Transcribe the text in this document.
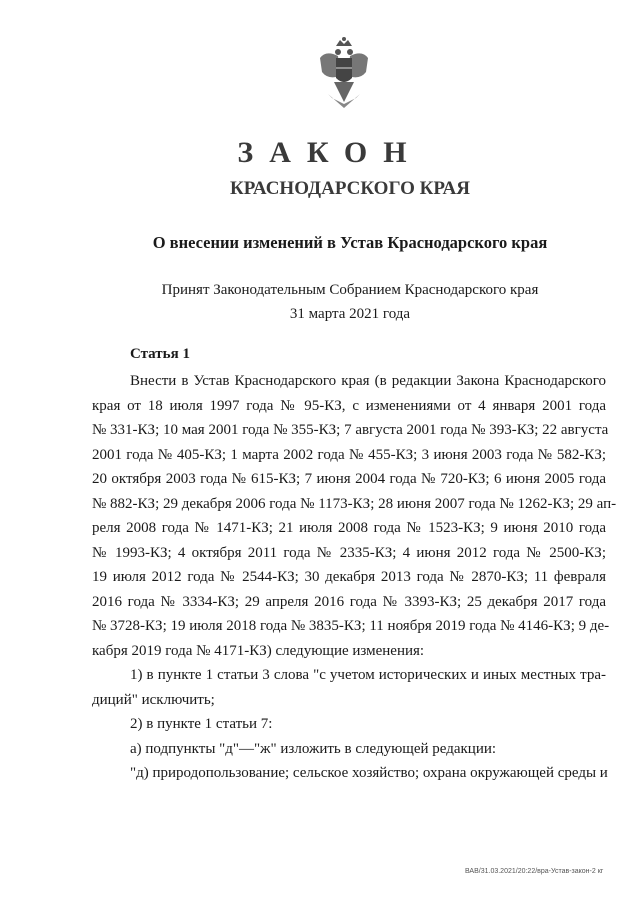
ЗАКОН
КРАСНОДАРСКОГО КРАЯ
О внесении изменений в Устав Краснодарского края
Принят Законодательным Собранием Краснодарского края
31 марта 2021 года
Статья 1
Внести в Устав Краснодарского края (в редакции Закона Краснодарского
края от 18 июля 1997 года № 95-КЗ, с изменениями от 4 января 2001 года
№ 331-КЗ; 10 мая 2001 года № 355-КЗ; 7 августа 2001 года № 393-КЗ; 22 августа
2001 года № 405-КЗ; 1 марта 2002 года № 455-КЗ; 3 июня 2003 года № 582-КЗ;
20 октября 2003 года № 615-КЗ; 7 июня 2004 года № 720-КЗ; 6 июня 2005 года
№ 882-КЗ; 29 декабря 2006 года № 1173-КЗ; 28 июня 2007 года № 1262-КЗ; 29 ап-
реля 2008 года № 1471-КЗ; 21 июля 2008 года № 1523-КЗ; 9 июня 2010 года
№ 1993-КЗ; 4 октября 2011 года № 2335-КЗ; 4 июня 2012 года № 2500-КЗ;
19 июля 2012 года № 2544-КЗ; 30 декабря 2013 года № 2870-КЗ; 11 февраля
2016 года № 3334-КЗ; 29 апреля 2016 года № 3393-КЗ; 25 декабря 2017 года
№ 3728-КЗ; 19 июля 2018 года № 3835-КЗ; 11 ноября 2019 года № 4146-КЗ; 9 де-
кабря 2019 года № 4171-КЗ) следующие изменения:
1) в пункте 1 статьи 3 слова "с учетом исторических и иных местных тра-
диций" исключить;
2) в пункте 1 статьи 7:
а) подпункты "д"—"ж" изложить в следующей редакции:
"д) природопользование; сельское хозяйство; охрана окружающей среды и
ВАВ/31.03.2021/20:22/вра-Устав-закон-2 кг
